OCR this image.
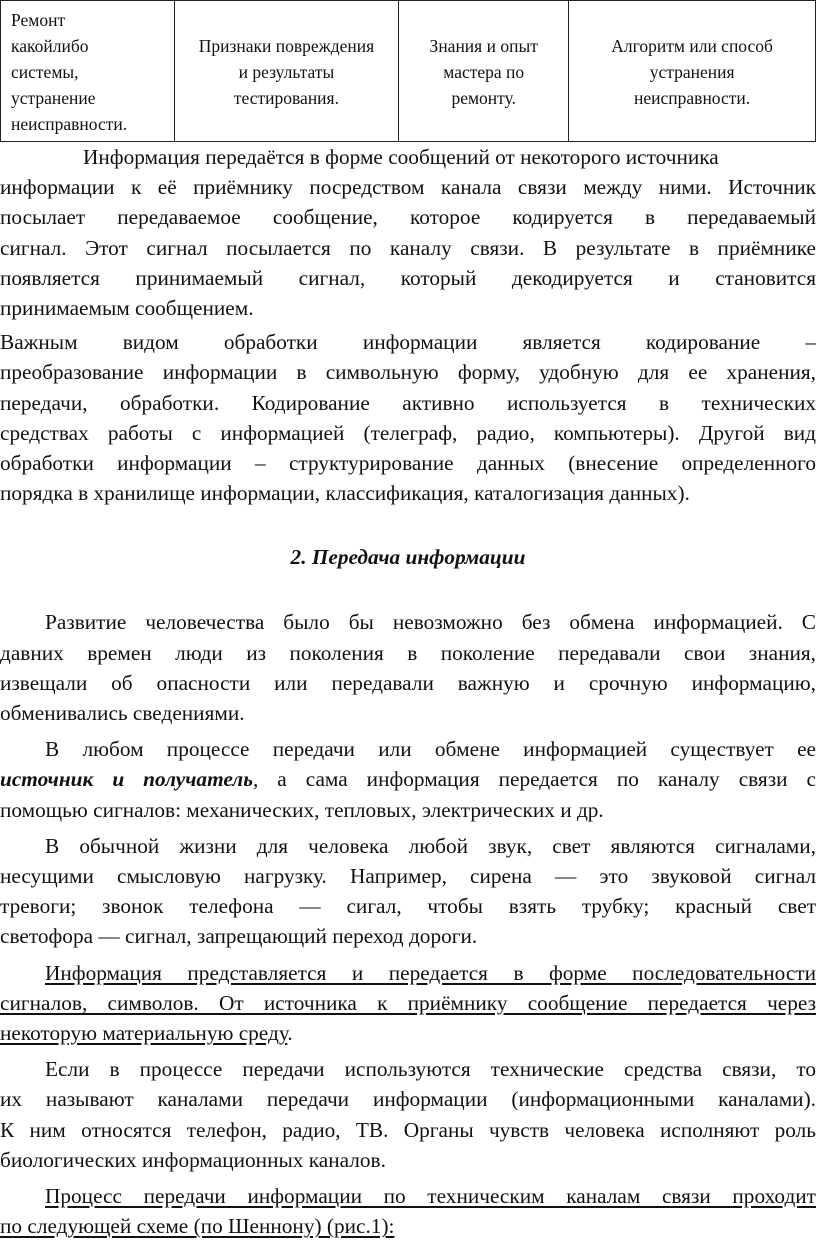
Ремонт
какойлибо
системы,
устранение
неисправности.

Признаки повреждения
и результаты
тестирования.

Знания и опыт
мастера по
ремонту.

Алгоритм или способ
устранения
неисправности.
Информация передаётся в форме сообщений от некоторого источника
информации к её приёмнику посредством канала связи между ними. Источник
посылает передаваемое сообщение, которое кодируется в передаваемый
сигнал. Этот сигнал посылается по каналу связи. В результате в приёмнике
появляется принимаемый сигнал, который декодируется и становится
принимаемым сообщением.
Важным видом обработки информации является кодирование –
преобразование информации в символьную форму, удобную для ее хранения,
передачи, обработки. Кодирование активно используется в технических
средствах работы с информацией (телеграф, радио, компьютеры). Другой вид
обработки информации – структурирование данных (внесение определенного
порядка в хранилище информации, классификация, каталогизация данных).
2. Передача информации
Развитие человечества было бы невозможно без обмена информацией. С
давних времен люди из поколения в поколение передавали свои знания,
извещали об опасности или передавали важную и срочную информацию,
обменивались сведениями.
В любом процессе передачи или обмене информацией существует ее
источник и получатель, а сама информация передается по каналу связи с
помощью сигналов: механических, тепловых, электрических и др.
В обычной жизни для человека любой звук, свет являются сигналами,
несущими смысловую нагрузку. Например, сирена — это звуковой сигнал
тревоги; звонок телефона — сигал, чтобы взять трубку; красный свет
светофора — сигнал, запрещающий переход дороги.
Информация представляется и передается в форме последовательности
сигналов, символов. От источника к приёмнику сообщение передается через
некоторую материальную среду.
Если в процессе передачи используются технические средства связи, то
их называют каналами передачи информации (информационными каналами).
К ним относятся телефон, радио, ТВ. Органы чувств человека исполняют роль
биологических информационных каналов.
Процесс передачи информации по техническим каналам связи проходит
по следующей схеме (по Шеннону) (рис.1):
